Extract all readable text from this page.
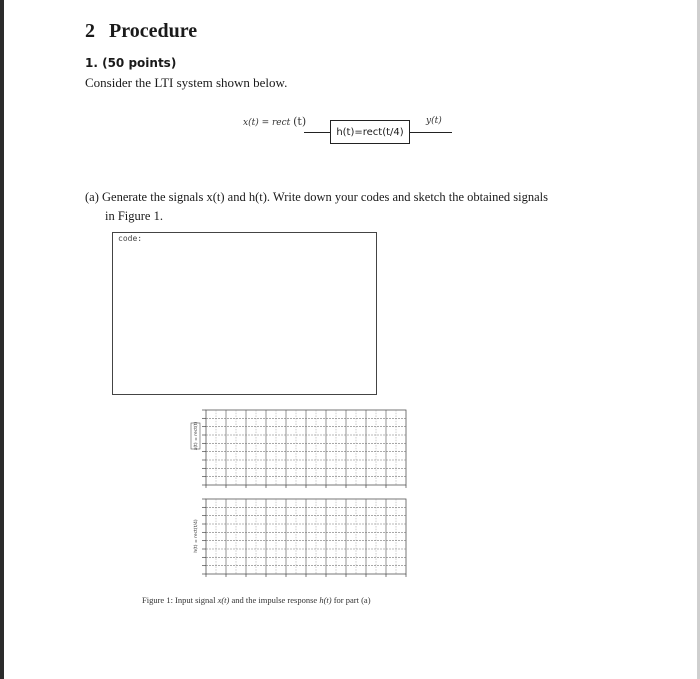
2 Procedure
1. (50 points)
Consider the LTI system shown below.
x(t) = rect (t)
h(t)=rect(t/4)
y(t)
(a) Generate the signals x(t) and h(t). Write down your codes and sketch the obtained signals
in Figure 1.
code:
x(t) = rect(t)
h(t) = rect(t/4)
Figure 1: Input signal x(t) and the impulse response h(t) for part (a)
